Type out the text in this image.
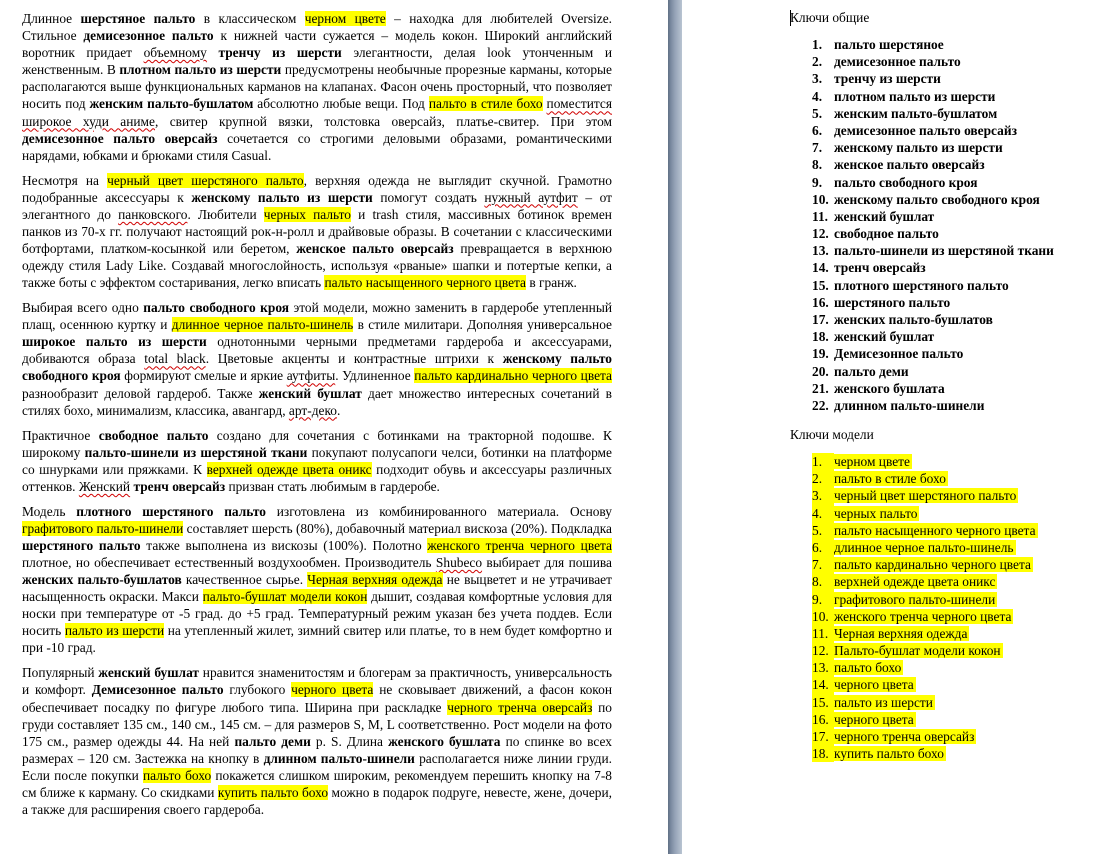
Длинное шерстяное пальто в классическом черном цвете – находка для любителей Oversize. Стильное демисезонное пальто к нижней части сужается – модель кокон. Широкий английский воротник придает объемному тренчу из шерсти элегантности, делая look утонченным и женственным. В плотном пальто из шерсти предусмотрены необычные прорезные карманы, которые располагаются выше функциональных карманов на клапанах. Фасон очень просторный, что позволяет носить под женским пальто-бушлатом абсолютно любые вещи. Под пальто в стиле бохо поместится широкое худи аниме, свитер крупной вязки, толстовка оверсайз, платье-свитер. При этом демисезонное пальто оверсайз сочетается со строгими деловыми образами, романтическими нарядами, юбками и брюками стиля Casual.

Несмотря на черный цвет шерстяного пальто, верхняя одежда не выглядит скучной. Грамотно подобранные аксессуары к женскому пальто из шерсти помогут создать нужный аутфит – от элегантного до панковского. Любители черных пальто и trash стиля, массивных ботинок времен панков из 70-х гг. получают настоящий рок-н-ролл и драйвовые образы. В сочетании с классическими ботфортами, платком-косынкой или беретом, женское пальто оверсайз превращается в верхнюю одежду стиля Lady Like. Создавай многослойность, используя «рваные» шапки и потертые кепки, а также боты с эффектом состаривания, легко вписать пальто насыщенного черного цвета в гранж.

Выбирая всего одно пальто свободного кроя этой модели, можно заменить в гардеробе утепленный плащ, осеннюю куртку и длинное черное пальто-шинель в стиле милитари. Дополняя универсальное широкое пальто из шерсти однотонными черными предметами гардероба и аксессуарами, добиваются образа total black. Цветовые акценты и контрастные штрихи к женскому пальто свободного кроя формируют смелые и яркие аутфиты. Удлиненное пальто кардинально черного цвета разнообразит деловой гардероб. Также женский бушлат дает множество интересных сочетаний в стилях бохо, минимализм, классика, авангард, арт-деко.

Практичное свободное пальто создано для сочетания с ботинками на тракторной подошве. К широкому пальто-шинели из шерстяной ткани покупают полусапоги челси, ботинки на платформе со шнурками или пряжками. К верхней одежде цвета оникс подходит обувь и аксессуары различных оттенков. Женский тренч оверсайз призван стать любимым в гардеробе.

Модель плотного шерстяного пальто изготовлена из комбинированного материала. Основу графитового пальто-шинели составляет шерсть (80%), добавочный материал вискоза (20%). Подкладка шерстяного пальто также выполнена из вискозы (100%). Полотно женского тренча черного цвета плотное, но обеспечивает естественный воздухообмен. Производитель Shubeco выбирает для пошива женских пальто-бушлатов качественное сырье. Черная верхняя одежда не выцветет и не утрачивает насыщенность окраски. Макси пальто-бушлат модели кокон дышит, создавая комфортные условия для носки при температуре от -5 град. до +5 град. Температурный режим указан без учета поддев. Если носить пальто из шерсти на утепленный жилет, зимний свитер или платье, то в нем будет комфортно и при -10 град.

Популярный женский бушлат нравится знаменитостям и блогерам за практичность, универсальность и комфорт. Демисезонное пальто глубокого черного цвета не сковывает движений, а фасон кокон обеспечивает посадку по фигуре любого типа. Ширина при раскладке черного тренча оверсайз по груди составляет 135 см., 140 см., 145 см. – для размеров S, M, L соответственно. Рост модели на фото 175 см., размер одежды 44. На ней пальто деми р. S. Длина женского бушлата по спинке во всех размерах – 120 см. Застежка на кнопку в длинном пальто-шинели располагается ниже линии груди. Если после покупки пальто бохо покажется слишком широким, рекомендуем перешить кнопку на 7-8 см ближе к карману. Со скидками купить пальто бохо можно в подарок подруге, невесте, жене, дочери, а также для расширения своего гардероба.

Ключи общие
1. пальто шерстяное
2. демисезонное пальто
3. тренчу из шерсти
4. плотном пальто из шерсти
5. женским пальто-бушлатом
6. демисезонное пальто оверсайз
7. женскому пальто из шерсти
8. женское пальто оверсайз
9. пальто свободного кроя
10. женскому пальто свободного кроя
11. женский бушлат
12. свободное пальто
13. пальто-шинели из шерстяной ткани
14. тренч оверсайз
15. плотного шерстяного пальто
16. шерстяного пальто
17. женских пальто-бушлатов
18. женский бушлат
19. Демисезонное пальто
20. пальто деми
21. женского бушлата
22. длинном пальто-шинели
Ключи модели
1. черном цвете
2. пальто в стиле бохо
3. черный цвет шерстяного пальто
4. черных пальто
5. пальто насыщенного черного цвета
6. длинное черное пальто-шинель
7. пальто кардинально черного цвета
8. верхней одежде цвета оникс
9. графитового пальто-шинели
10. женского тренча черного цвета
11. Черная верхняя одежда
12. Пальто-бушлат модели кокон
13. пальто бохо
14. черного цвета
15. пальто из шерсти
16. черного цвета
17. черного тренча оверсайз
18. купить пальто бохо
